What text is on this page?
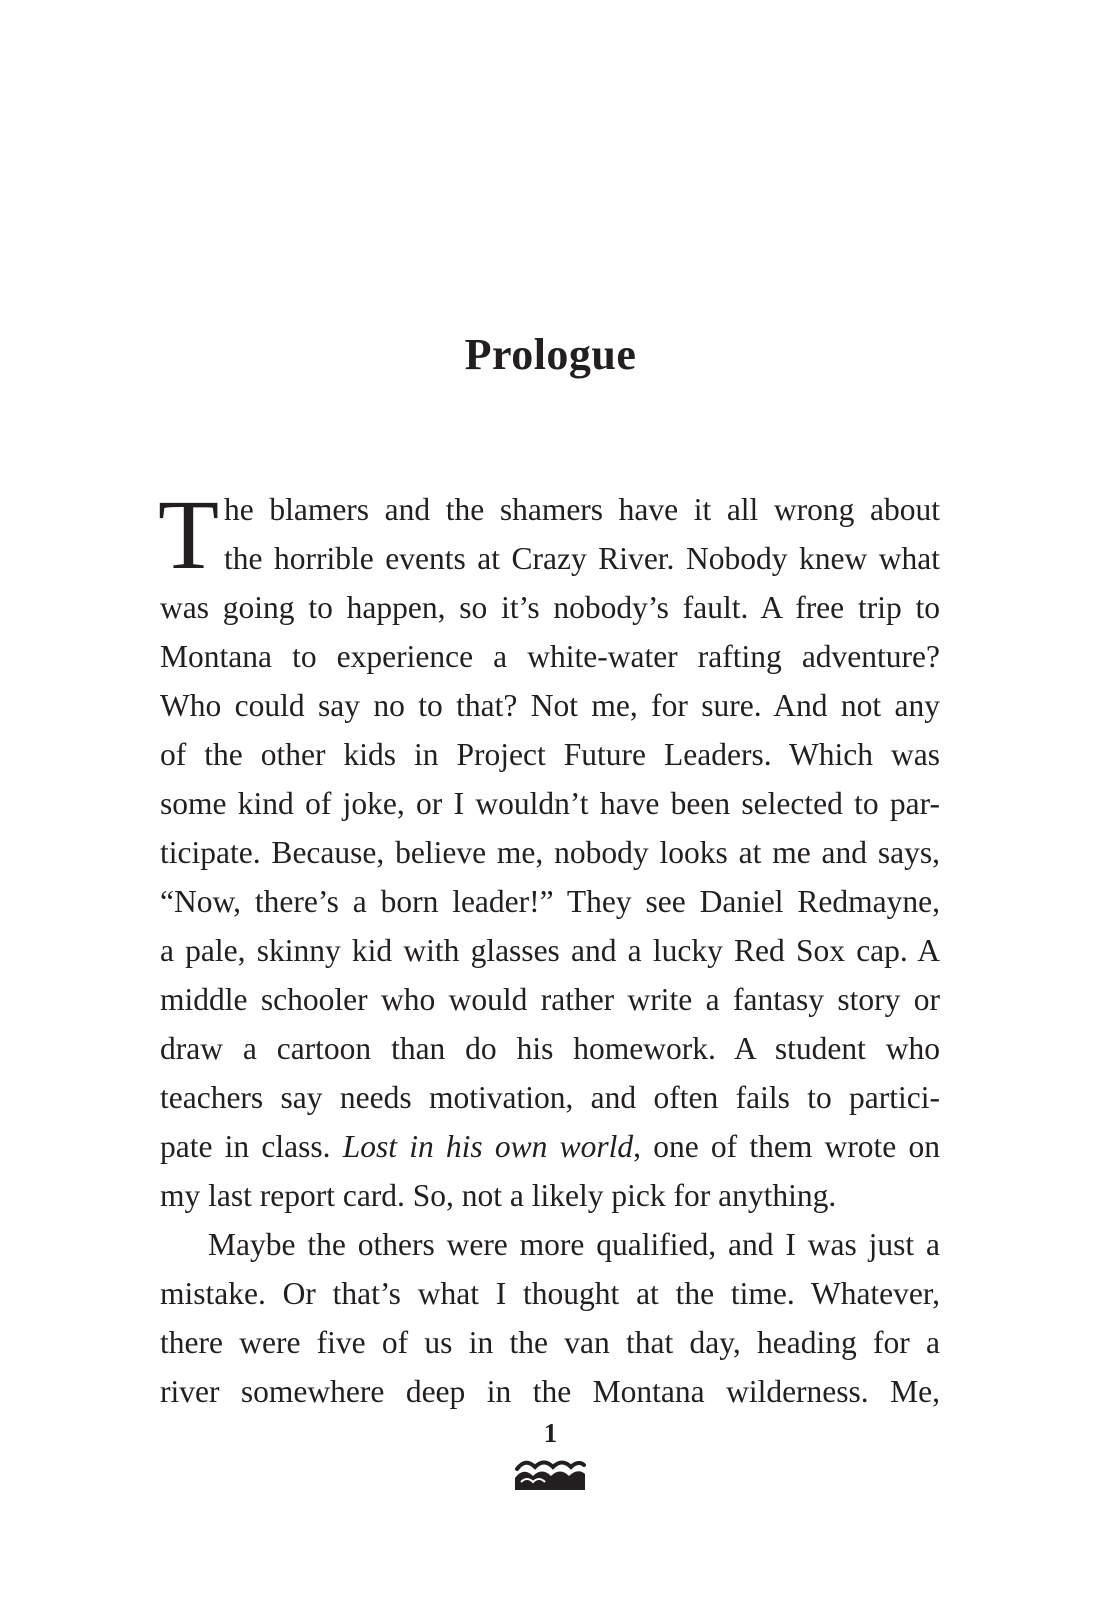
Prologue
T he blamers and the shamers have it all wrong about
the horrible events at Crazy River. Nobody knew what
was going to happen, so it’s nobody’s fault. A free trip to
Montana to experience a white-water rafting adventure?
Who could say no to that? Not me, for sure. And not any
of the other kids in Project Future Leaders. Which was
some kind of joke, or I wouldn’t have been selected to par-
ticipate. Because, believe me, nobody looks at me and says,
“Now, there’s a born leader!” They see Daniel Redmayne,
a pale, skinny kid with glasses and a lucky Red Sox cap. A
middle schooler who would rather write a fantasy story or
draw a cartoon than do his homework. A student who
teachers say needs motivation, and often fails to partici-
pate in class. Lost in his own world, one of them wrote on
my last report card. So, not a likely pick for anything.
Maybe the others were more qualified, and I was just a
mistake. Or that’s what I thought at the time. Whatever,
there were five of us in the van that day, heading for a
river somewhere deep in the Montana wilderness. Me,
1
